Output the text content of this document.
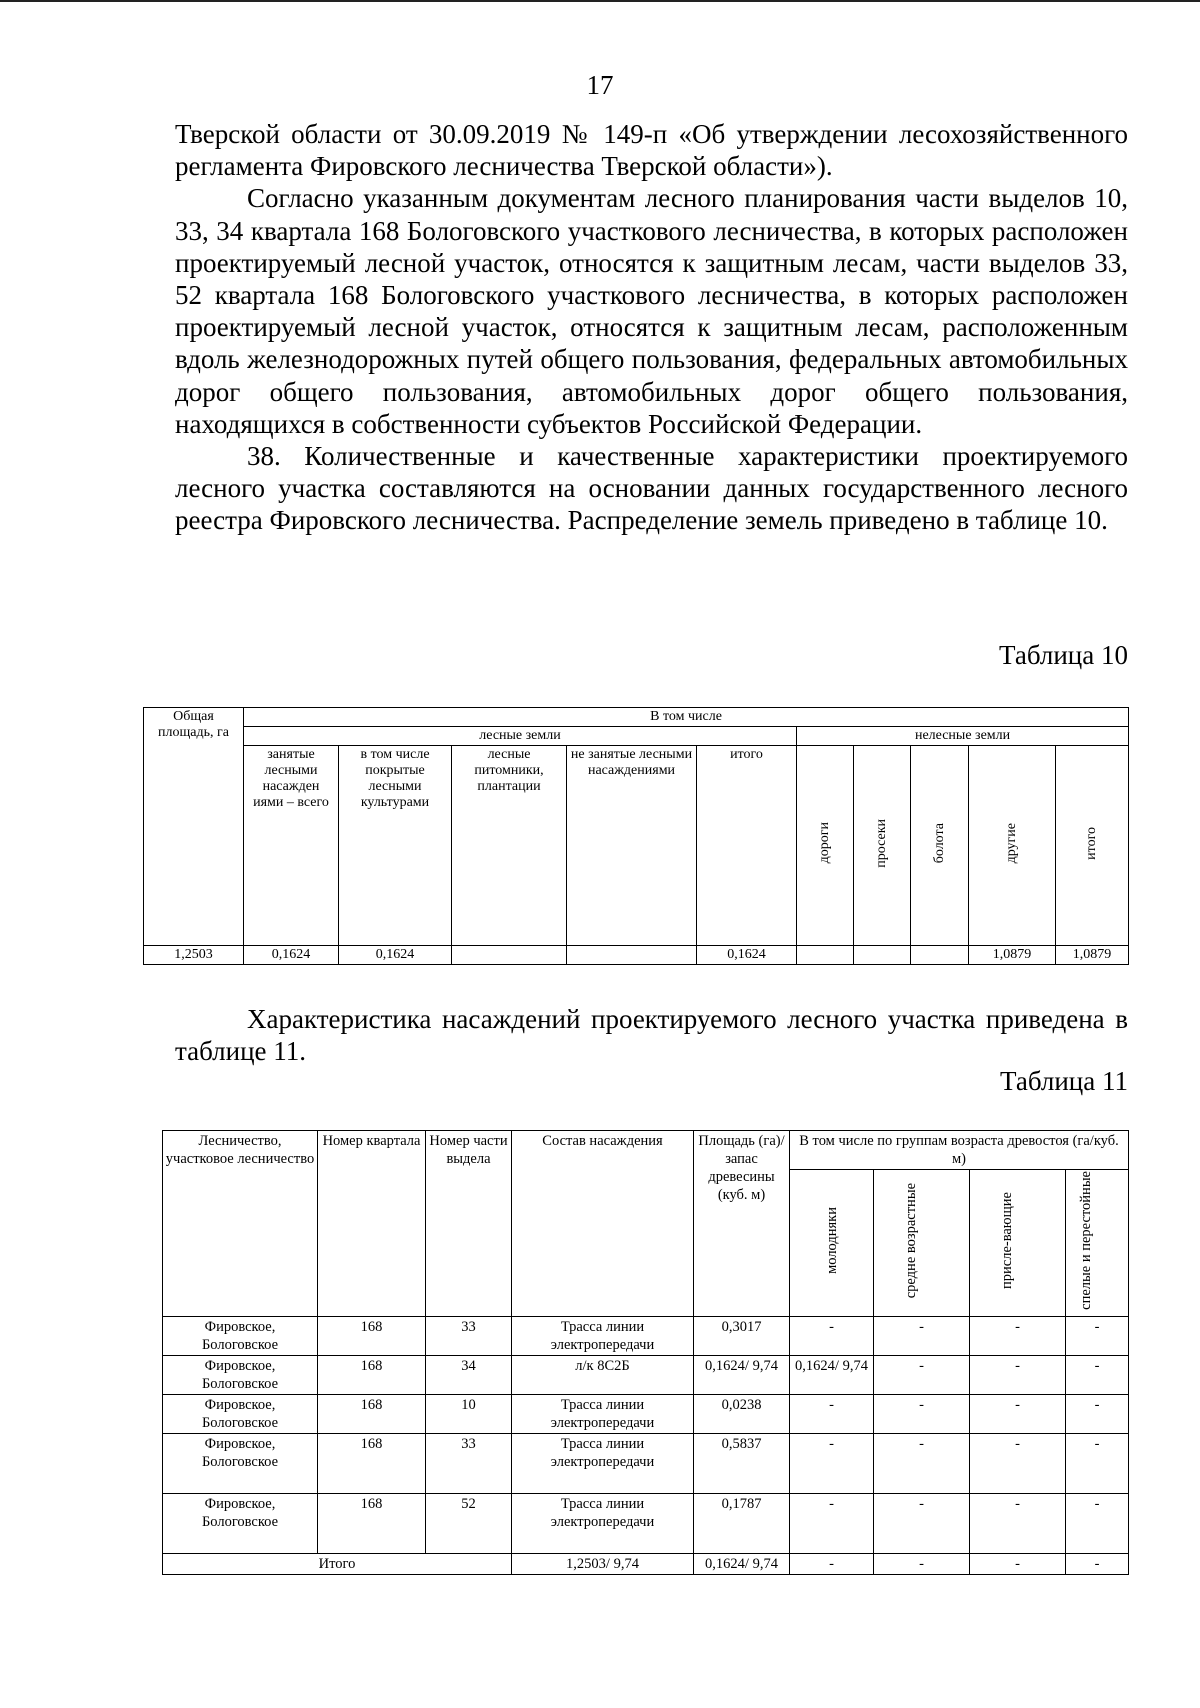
17

Тверской области от 30.09.2019 № 149-п «Об утверждении лесохозяйственного регламента Фировского лесничества Тверской области»).

Согласно указанным документам лесного планирования части выделов 10, 33, 34 квартала 168 Бологовского участкового лесничества, в которых расположен проектируемый лесной участок, относятся к защитным лесам, части выделов 33, 52 квартала 168 Бологовского участкового лесничества, в которых расположен проектируемый лесной участок, относятся к защитным лесам, расположенным вдоль железнодорожных путей общего пользования, федеральных автомобильных дорог общего пользования, автомобильных дорог общего пользования, находящихся в собственности субъектов Российской Федерации.

38. Количественные и качественные характеристики проектируемого лесного участка составляются на основании данных государственного лесного реестра Фировского лесничества. Распределение земель приведено в таблице 10.

Таблица 10
Общая площадь, га	В том числе									
	лесные земли					нелесные земли				
	занятые лесными насажден иями – всего	в том числе покрытые лесными культурами	лесные питомники, плантации	не занятые лесными насаждениями	итого	дороги	просеки	болота	другие	итого
1,2503	0,1624	0,1624			0,1624				1,0879	1,0879

Характеристика насаждений проектируемого лесного участка приведена в таблице 11.

Таблица 11
Лесничество, участковое лесничество	Номер квартала	Номер части выдела	Состав насаждения	Площадь (га)/ запас древесины (куб. м)	В том числе по группам возраста древостоя (га/куб. м)			
					молодняки	средне возрастные	присле-вающие	спелые и перестойные
Фировское, Бологовское	168	33	Трасса линии электропередачи	0,3017	-	-	-	-
Фировское, Бологовское	168	34	л/к 8С2Б	0,1624/ 9,74	0,1624/ 9,74	-	-	-
Фировское, Бологовское	168	10	Трасса линии электропередачи	0,0238	-	-	-	-
Фировское, Бологовское	168	33	Трасса линии электропередачи	0,5837	-	-	-	-
Фировское, Бологовское	168	52	Трасса линии электропередачи	0,1787	-	-	-	-
Итого			1,2503/ 9,74	0,1624/ 9,74	-	-	-	-
